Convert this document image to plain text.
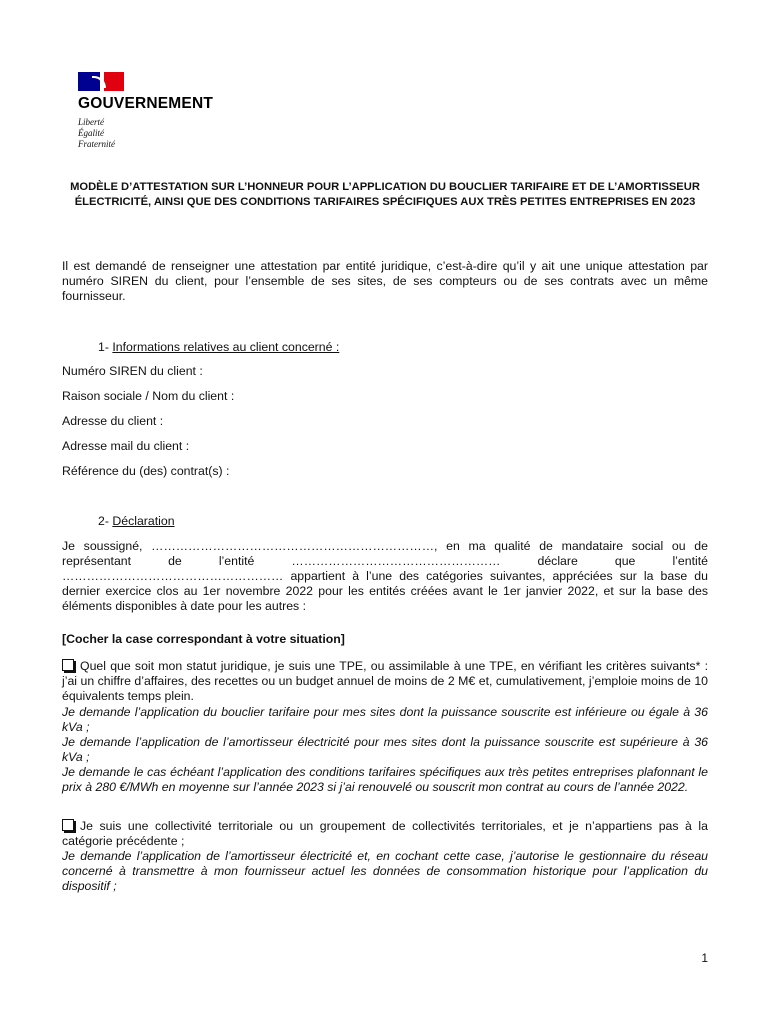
GOUVERNEMENT
Liberté
Égalité
Fraternité
MODÈLE D’ATTESTATION SUR L’HONNEUR POUR L’APPLICATION DU BOUCLIER TARIFAIRE ET DE L’AMORTISSEUR ÉLECTRICITÉ, AINSI QUE DES CONDITIONS TARIFAIRES SPÉCIFIQUES AUX TRÈS PETITES ENTREPRISES EN 2023
Il est demandé de renseigner une attestation par entité juridique, c’est-à-dire qu’il y ait une unique attestation par numéro SIREN du client, pour l’ensemble de ses sites, de ses compteurs ou de ses contrats avec un même fournisseur.
1- Informations relatives au client concerné :
Numéro SIREN du client :
Raison sociale / Nom du client :
Adresse du client :
Adresse mail du client :
Référence du (des) contrat(s) :
2- Déclaration
Je soussigné, ……………………………………………………………, en ma qualité de mandataire social ou de représentant de l’entité …………………………………………… déclare que l’entité ……………………………………………… appartient à l’une des catégories suivantes, appréciées sur la base du dernier exercice clos au 1er novembre 2022 pour les entités créées avant le 1er janvier 2022, et sur la base des éléments disponibles à date pour les autres :
[Cocher la case correspondant à votre situation]
Quel que soit mon statut juridique, je suis une TPE, ou assimilable à une TPE, en vérifiant les critères suivants* : j’ai un chiffre d’affaires, des recettes ou un budget annuel de moins de 2 M€ et, cumulativement, j’emploie moins de 10 équivalents temps plein.
Je demande l’application du bouclier tarifaire pour mes sites dont la puissance souscrite est inférieure ou égale à 36 kVa ;
Je demande l’application de l’amortisseur électricité pour mes sites dont la puissance souscrite est supérieure à 36 kVa ;
Je demande le cas échéant l’application des conditions tarifaires spécifiques aux très petites entreprises plafonnant le prix à 280 €/MWh en moyenne sur l’année 2023 si j’ai renouvelé ou souscrit mon contrat au cours de l’année 2022.
Je suis une collectivité territoriale ou un groupement de collectivités territoriales, et je n’appartiens pas à la catégorie précédente ;
Je demande l’application de l’amortisseur électricité et, en cochant cette case, j’autorise le gestionnaire du réseau concerné à transmettre à mon fournisseur actuel les données de consommation historique pour l’application du dispositif ;
1
